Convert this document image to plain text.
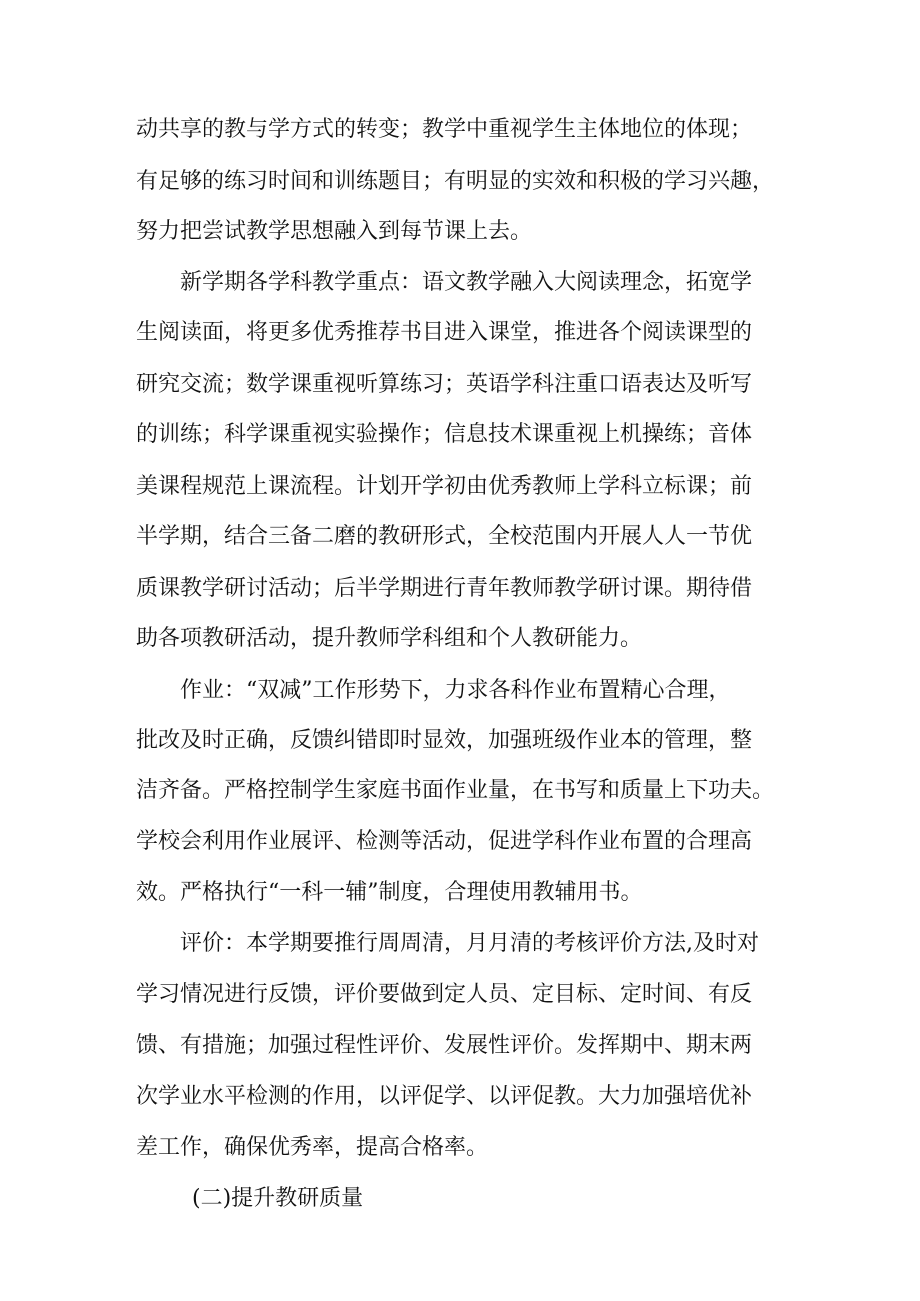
动共享的教与学方式的转变；教学中重视学生主体地位的体现；
有足够的练习时间和训练题目；有明显的实效和积极的学习兴趣，
努力把尝试教学思想融入到每节课上去。
新学期各学科教学重点：语文教学融入大阅读理念，拓宽学
生阅读面，将更多优秀推荐书目进入课堂，推进各个阅读课型的
研究交流；数学课重视听算练习；英语学科注重口语表达及听写
的训练；科学课重视实验操作；信息技术课重视上机操练；音体
美课程规范上课流程。计划开学初由优秀教师上学科立标课；前
半学期，结合三备二磨的教研形式，全校范围内开展人人一节优
质课教学研讨活动；后半学期进行青年教师教学研讨课。期待借
助各项教研活动，提升教师学科组和个人教研能力。
作业：“双减”工作形势下，力求各科作业布置精心合理，
批改及时正确，反馈纠错即时显效，加强班级作业本的管理，整
洁齐备。严格控制学生家庭书面作业量，在书写和质量上下功夫。
学校会利用作业展评、检测等活动，促进学科作业布置的合理高
效。严格执行“一科一辅”制度，合理使用教辅用书。
评价：本学期要推行周周清，月月清的考核评价方法,及时对
学习情况进行反馈，评价要做到定人员、定目标、定时间、有反
馈、有措施；加强过程性评价、发展性评价。发挥期中、期末两
次学业水平检测的作用，以评促学、以评促教。大力加强培优补
差工作，确保优秀率，提高合格率。
(二)提升教研质量
